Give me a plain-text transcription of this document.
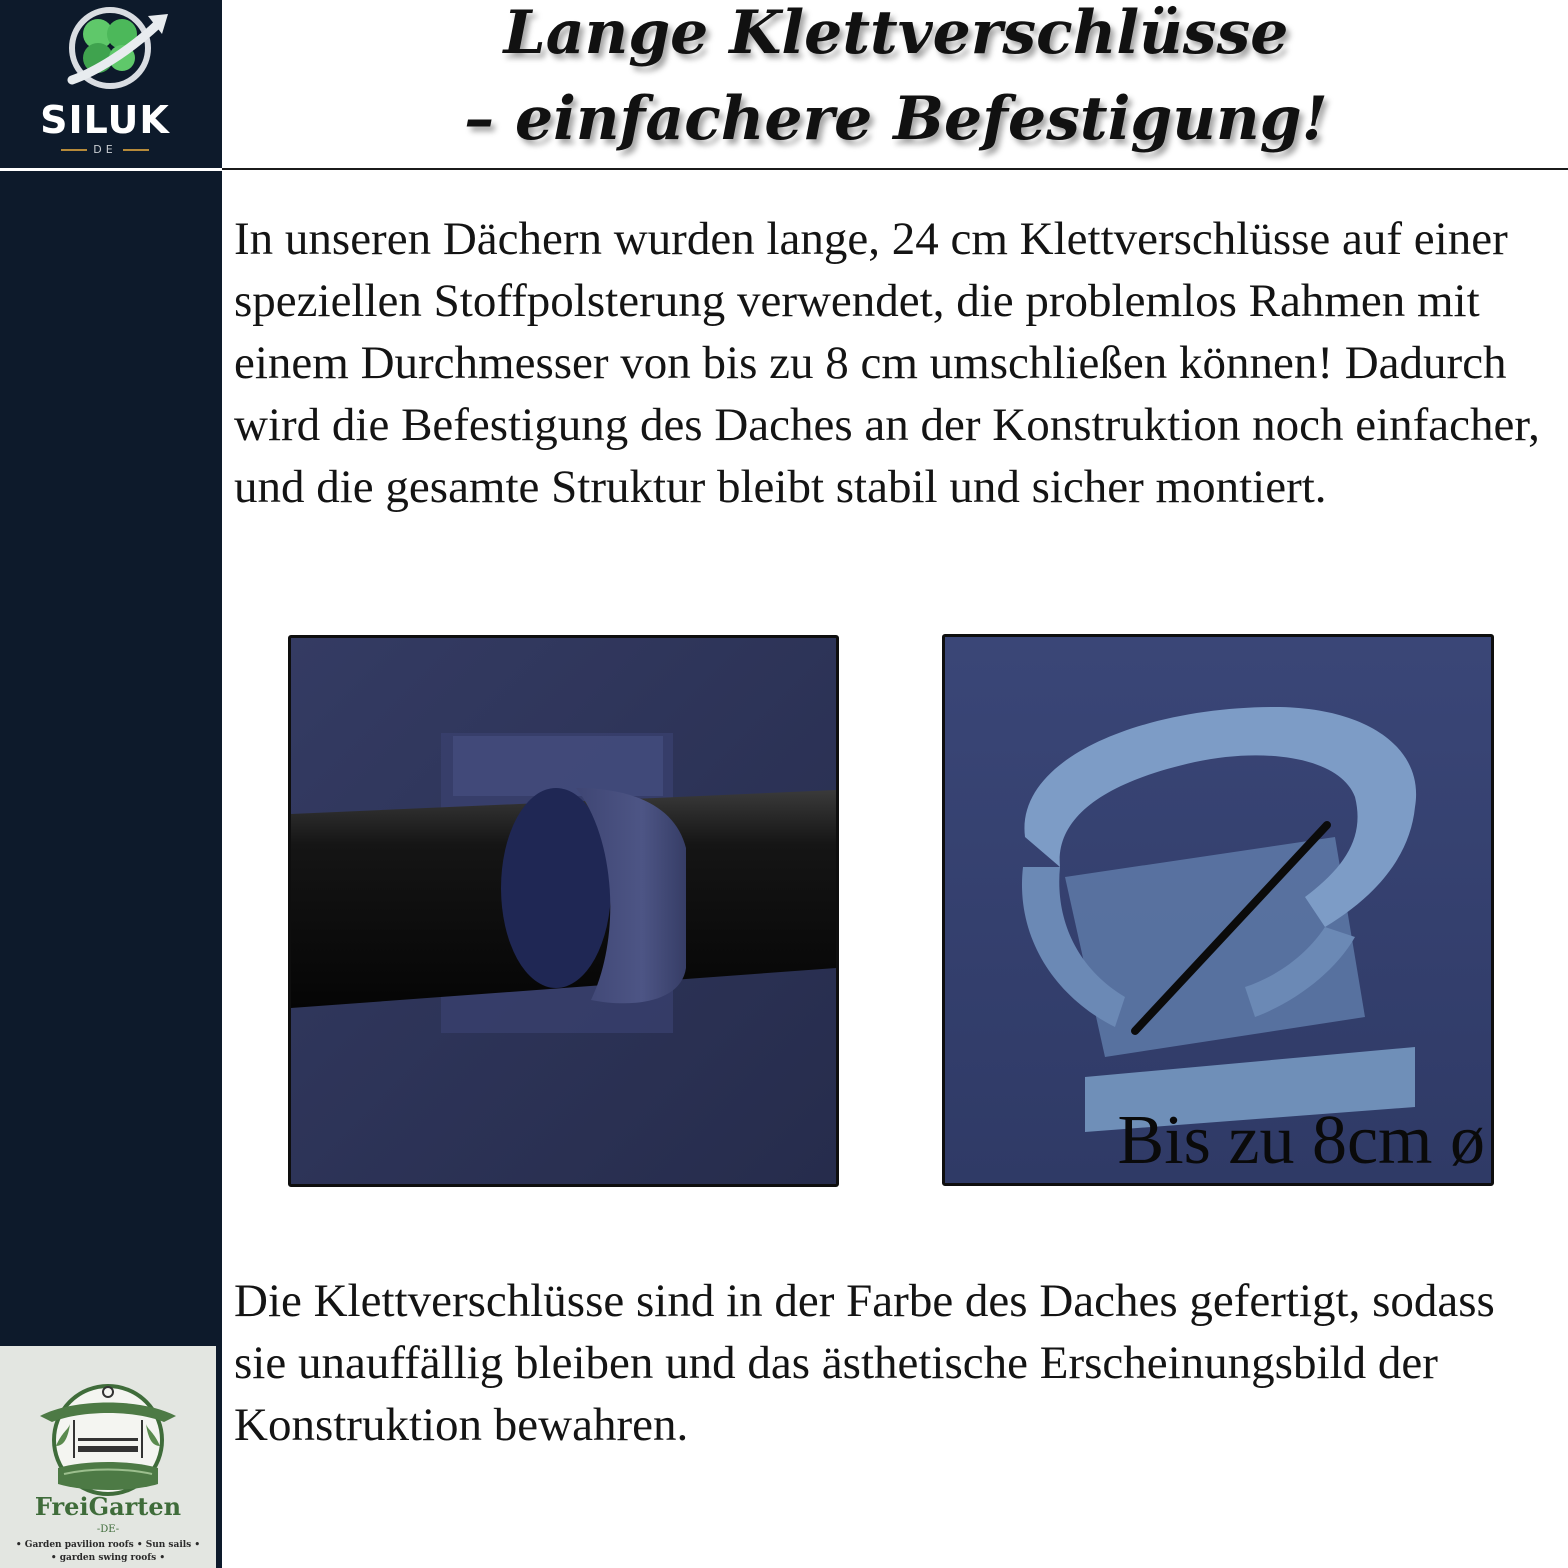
SILUK
DE
FreiGarten
-DE-
• Garden pavilion roofs • Sun sails •
• garden swing roofs •
Lange Klettverschlüsse
– einfachere Befestigung!

In unseren Dächern wurden lange, 24 cm Klettverschlüsse auf einer speziellen Stoffpolsterung verwendet, die problemlos Rahmen mit einem Durchmesser von bis zu 8 cm umschließen können! Dadurch wird die Befestigung des Daches an der Konstruktion noch einfacher, und die gesamte Struktur bleibt stabil und sicher montiert.

Bis zu 8cm ø

Die Klettverschlüsse sind in der Farbe des Daches gefertigt, sodass sie unauffällig bleiben und das ästhetische Erscheinungsbild der Konstruktion bewahren.
